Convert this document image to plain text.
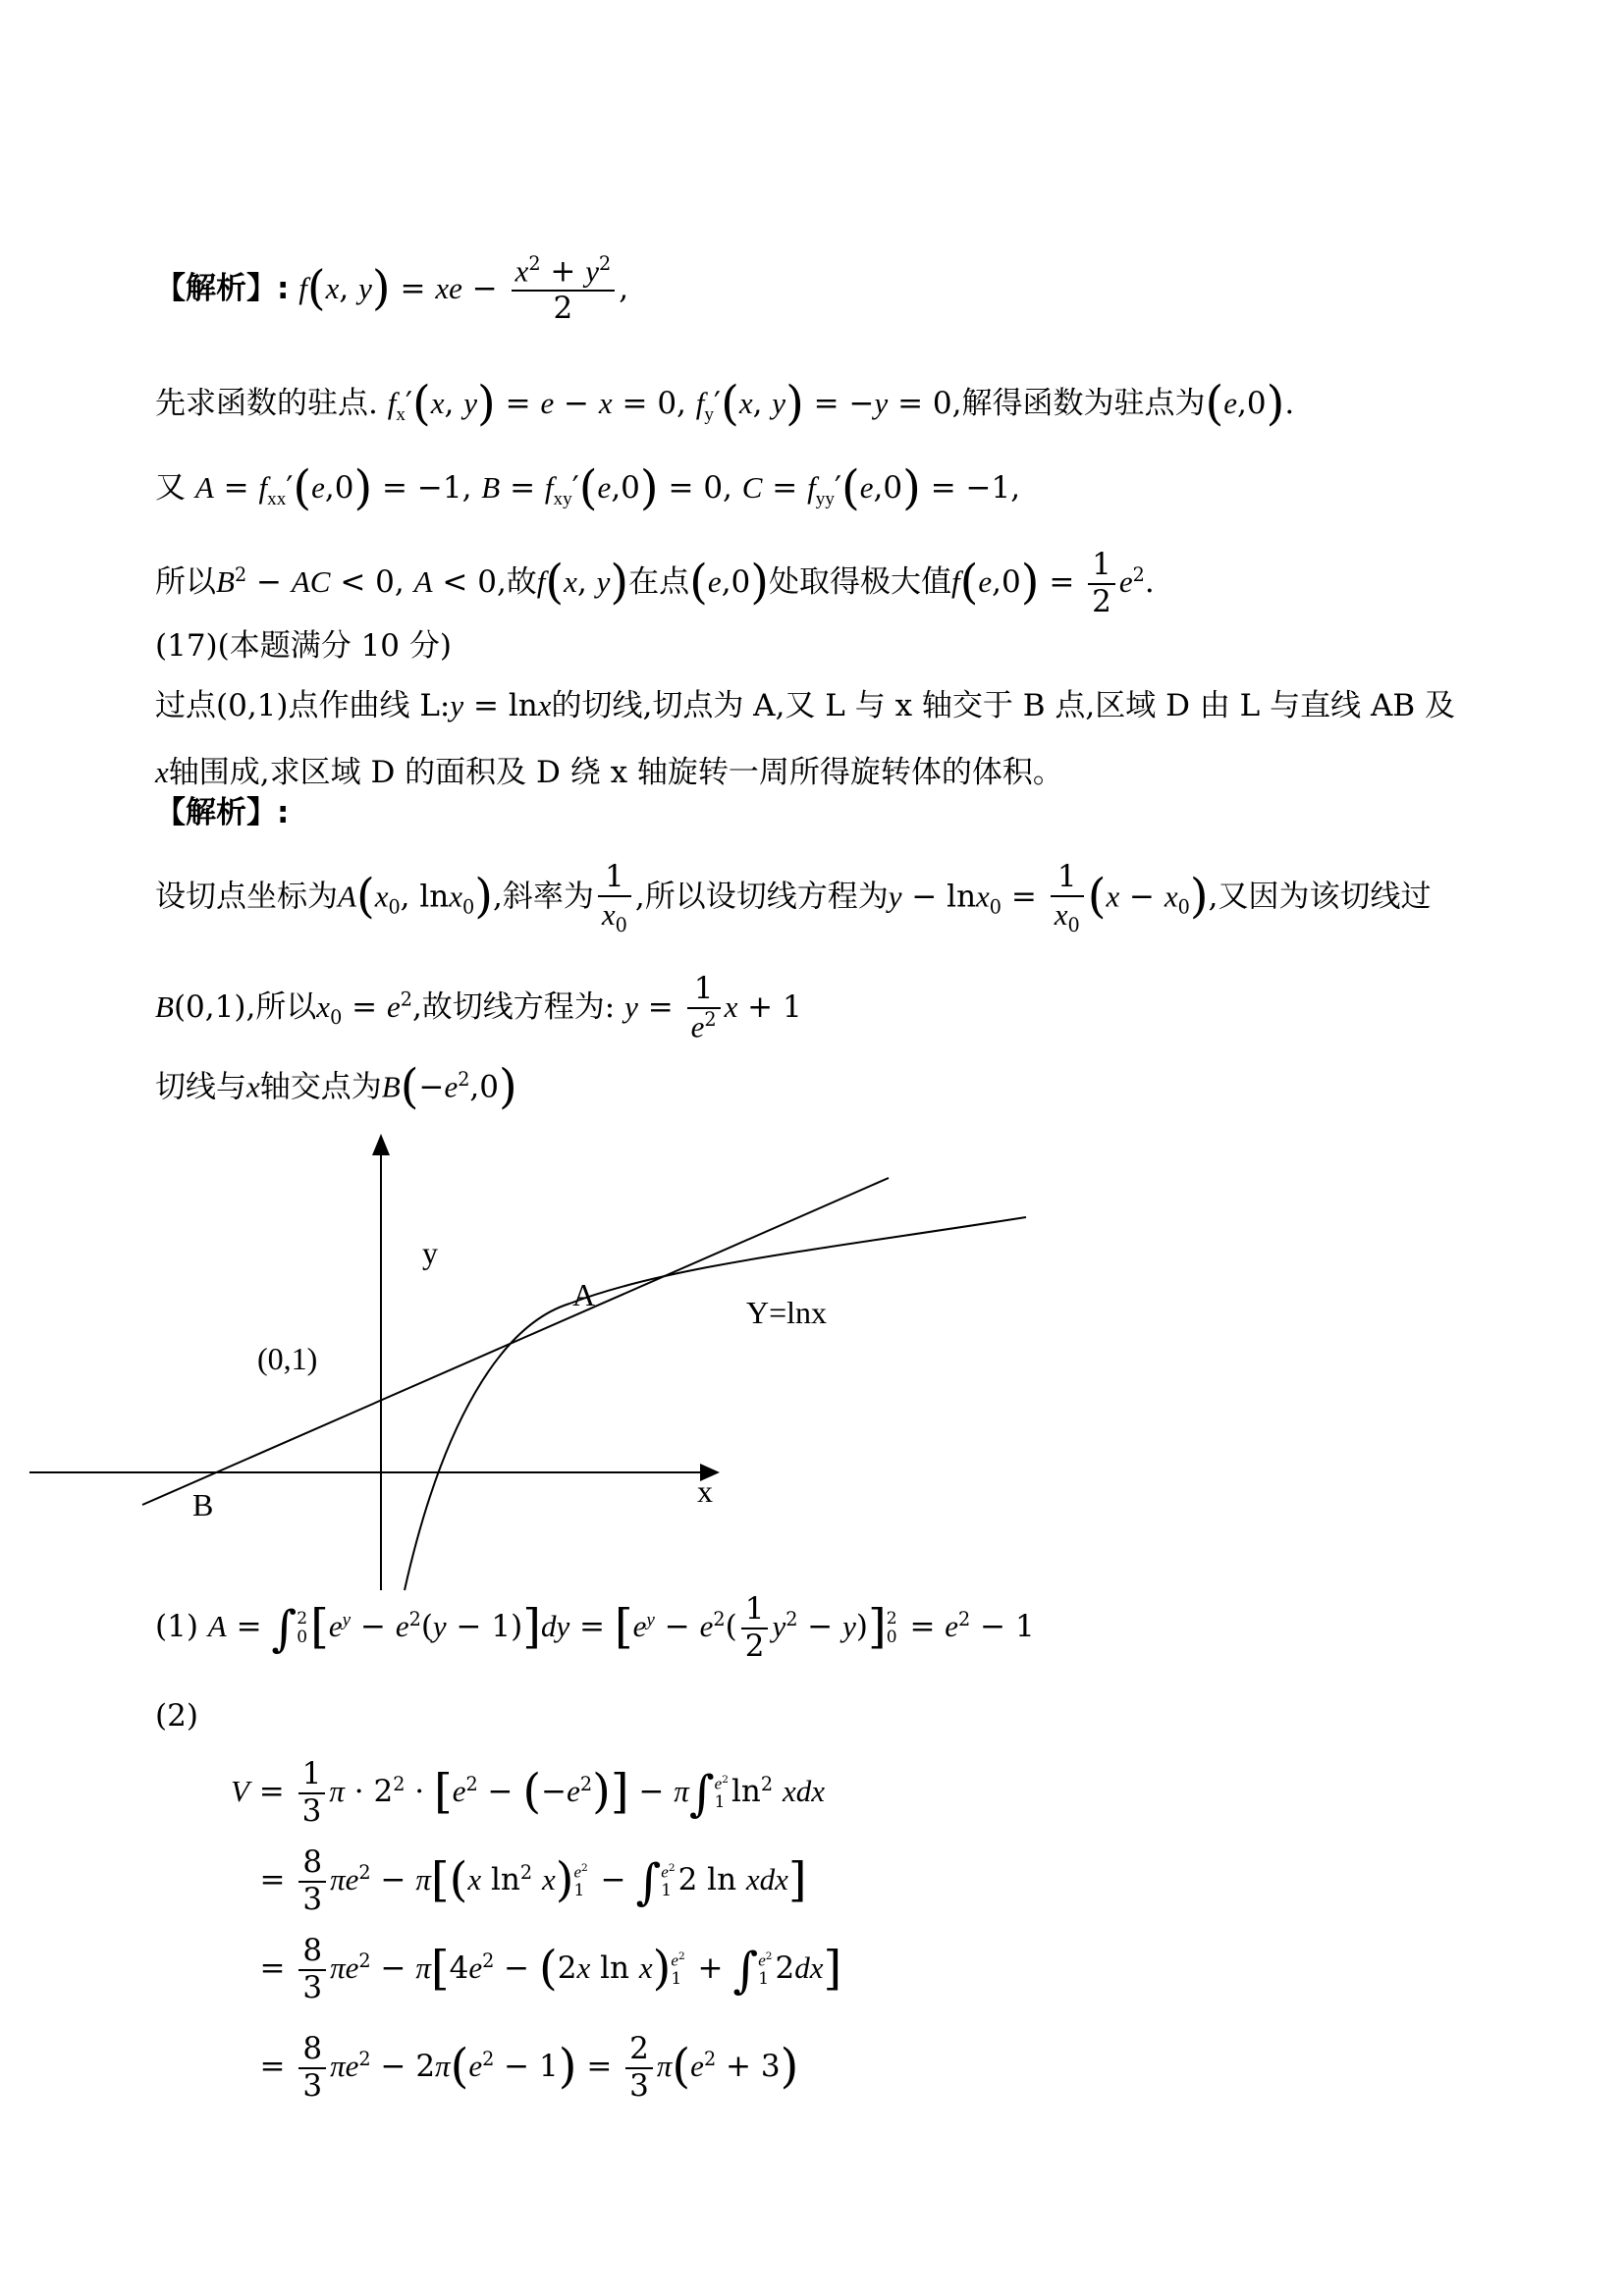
【解析】: f(x, y) = xe − $\frac{x^2 + y^2}{2}$ ,
先求函数的驻点. $f_x'(x$, y) = e − x = 0, $f_y'(x$, y) = −y = 0,解得函数为驻点为(e,0).
又 $A = f_{xx}'(e,0) = -1$, $B = f_{xy}'(e,0) = 0$, $C = f_{yy}'(e,0) = -1$,
所以$B^2$ − AC < 0, A < 0,故f(x, y)在点(e,0)处取得极大值$f(e,0) = \frac{1}{2} e^2$.
(17)(本题满分 10 分)
过点(0,1)点作曲线 L:y = lnx的切线,切点为 A,又 L 与 x 轴交于 B 点,区域 D 由 L 与直线 AB 及
x轴围成,求区域 D 的面积及 D 绕 x 轴旋转一周所得旋转体的体积。
【解析】:
设切点坐标为$A(x_0$, lnx$_0$),斜率为 $\frac{1}{x_0}$ ,所以设切线方程为$y - \ln x_0 = \frac{1}{x_0} (x - x_0)$,又因为该切线过
B(0,1),所以$x_0 = e^2$,故切线方程为: $y = \frac{1}{e^2}$ x + 1
切线与x轴交点为$B(-e^2,0)$
y
A	Y=lnx
(0,1)
x
B
(1) A = ∫ 2
0 $[e^y - e^2(y - 1)]dy = [e^y - e^2( \frac{1}{2} y^2 - y)]$ 2
$0 = e^2 - 1$
(2)
$V = \frac{1}{3}$ $\pi \cdot 2^2 \cdot [e^2 - (-e^2)] - \pi\int$ $e^2$
1 $\ln^2$ xdx
= $\frac{8}{3} \pi e^2 - \pi[(x$ $\ln^2 x$) $e^2$
1 − ∫ $e^2$
1 2 ln xdx]
= $\frac{8}{3} \pi e^2 - \pi[4e^2 - (2x$ ln x) $e^2$
1 + ∫ $e^2$
1 2dx]
= $\frac{8}{3} \pi e^2 - 2\pi(e^2 - 1) = \frac{2}{3} \pi(e^2 + 3)$
